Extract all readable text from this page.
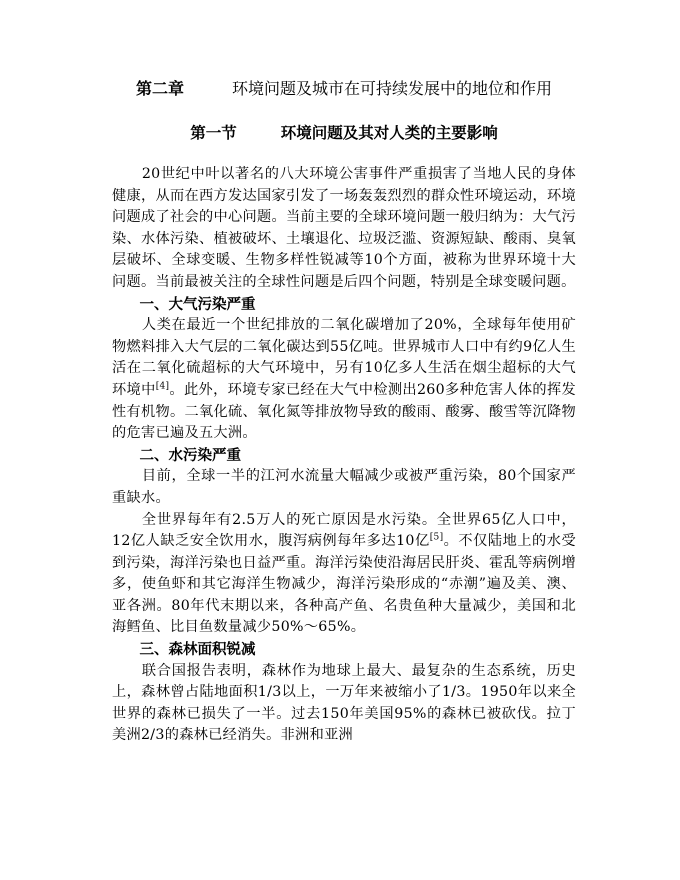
第二章	环境问题及城市在可持续发展中的地位和作用
第一节	环境问题及其对人类的主要影响

20世纪中叶以著名的八大环境公害事件严重损害了当地人民的身体健康，从而在西方发达国家引发了一场轰轰烈烈的群众性环境运动，环境问题成了社会的中心问题。当前主要的全球环境问题一般归纳为：大气污染、水体污染、植被破坏、土壤退化、垃圾泛滥、资源短缺、酸雨、臭氧层破坏、全球变暖、生物多样性锐减等10个方面，被称为世界环境十大问题。当前最被关注的全球性问题是后四个问题，特别是全球变暖问题。

一、大气污染严重

人类在最近一个世纪排放的二氧化碳增加了20%，全球每年使用矿物燃料排入大气层的二氧化碳达到55亿吨。世界城市人口中有约9亿人生活在二氧化硫超标的大气环境中，另有10亿多人生活在烟尘超标的大气环境中[4]。此外，环境专家已经在大气中检测出260多种危害人体的挥发性有机物。二氧化硫、氧化氮等排放物导致的酸雨、酸雾、酸雪等沉降物的危害已遍及五大洲。

二、水污染严重

目前，全球一半的江河水流量大幅减少或被严重污染，80个国家严重缺水。

全世界每年有2.5万人的死亡原因是水污染。全世界65亿人口中，12亿人缺乏安全饮用水，腹泻病例每年多达10亿[5]。不仅陆地上的水受到污染，海洋污染也日益严重。海洋污染使沿海居民肝炎、霍乱等病例增多，使鱼虾和其它海洋生物减少，海洋污染形成的“赤潮”遍及美、澳、亚各洲。80年代末期以来，各种高产鱼、名贵鱼种大量减少，美国和北海鳕鱼、比目鱼数量减少50%～65%。

三、森林面积锐减

联合国报告表明，森林作为地球上最大、最复杂的生态系统，历史上，森林曾占陆地面积1/3以上，一万年来被缩小了1/3。1950年以来全世界的森林已损失了一半。过去150年美国95%的森林已被砍伐。拉丁美洲2/3的森林已经消失。非洲和亚洲
